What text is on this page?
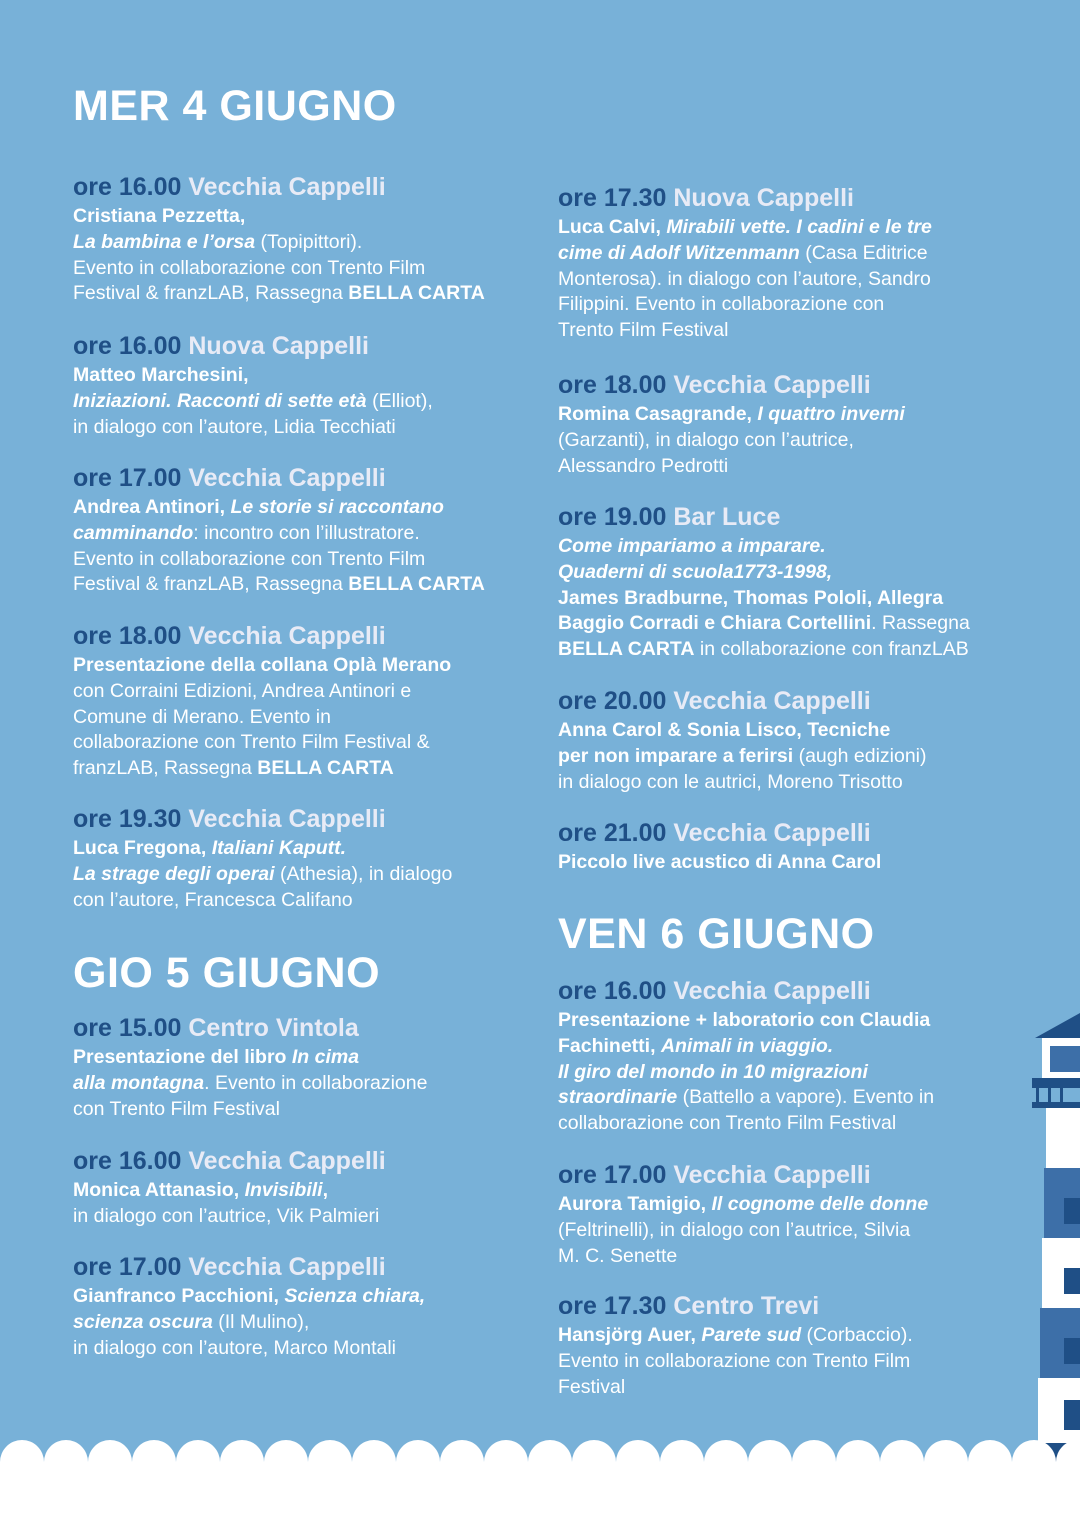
MER 4 GIUGNO
ore 16.00 Vecchia Cappelli
Cristiana Pezzetta,
La bambina e l’orsa (Topipittori).
Evento in collaborazione con Trento Film
Festival & franzLAB, Rassegna BELLA CARTA
ore 16.00 Nuova Cappelli
Matteo Marchesini,
Iniziazioni. Racconti di sette età (Elliot),
in dialogo con l’autore, Lidia Tecchiati
ore 17.00 Vecchia Cappelli
Andrea Antinori, Le storie si raccontano
camminando: incontro con l’illustratore.
Evento in collaborazione con Trento Film
Festival & franzLAB, Rassegna BELLA CARTA
ore 18.00 Vecchia Cappelli
Presentazione della collana Oplà Merano
con Corraini Edizioni, Andrea Antinori e
Comune di Merano. Evento in
collaborazione con Trento Film Festival &
franzLAB, Rassegna BELLA CARTA
ore 19.30 Vecchia Cappelli
Luca Fregona, Italiani Kaputt.
La strage degli operai (Athesia), in dialogo
con l’autore, Francesca Califano
GIO 5 GIUGNO
ore 15.00 Centro Vintola
Presentazione del libro In cima
alla montagna. Evento in collaborazione
con Trento Film Festival
ore 16.00 Vecchia Cappelli
Monica Attanasio, Invisibili,
in dialogo con l’autrice, Vik Palmieri
ore 17.00 Vecchia Cappelli
Gianfranco Pacchioni, Scienza chiara,
scienza oscura (Il Mulino),
in dialogo con l’autore, Marco Montali
ore 17.30 Nuova Cappelli
Luca Calvi, Mirabili vette. I cadini e le tre
cime di Adolf Witzenmann (Casa Editrice
Monterosa). in dialogo con l’autore, Sandro
Filippini. Evento in collaborazione con
Trento Film Festival
ore 18.00 Vecchia Cappelli
Romina Casagrande, I quattro inverni
(Garzanti), in dialogo con l’autrice,
Alessandro Pedrotti
ore 19.00 Bar Luce
Come impariamo a imparare.
Quaderni di scuola1773-1998,
James Bradburne, Thomas Pololi, Allegra
Baggio Corradi e Chiara Cortellini. Rassegna
BELLA CARTA in collaborazione con franzLAB
ore 20.00 Vecchia Cappelli
Anna Carol & Sonia Lisco, Tecniche
per non imparare a ferirsi (augh edizioni)
in dialogo con le autrici, Moreno Trisotto
ore 21.00 Vecchia Cappelli
Piccolo live acustico di Anna Carol
VEN 6 GIUGNO
ore 16.00 Vecchia Cappelli
Presentazione + laboratorio con Claudia
Fachinetti, Animali in viaggio.
Il giro del mondo in 10 migrazioni
straordinarie (Battello a vapore). Evento in
collaborazione con Trento Film Festival
ore 17.00 Vecchia Cappelli
Aurora Tamigio, Il cognome delle donne
(Feltrinelli), in dialogo con l’autrice, Silvia
M. C. Senette
ore 17.30 Centro Trevi
Hansjörg Auer, Parete sud (Corbaccio).
Evento in collaborazione con Trento Film
Festival
